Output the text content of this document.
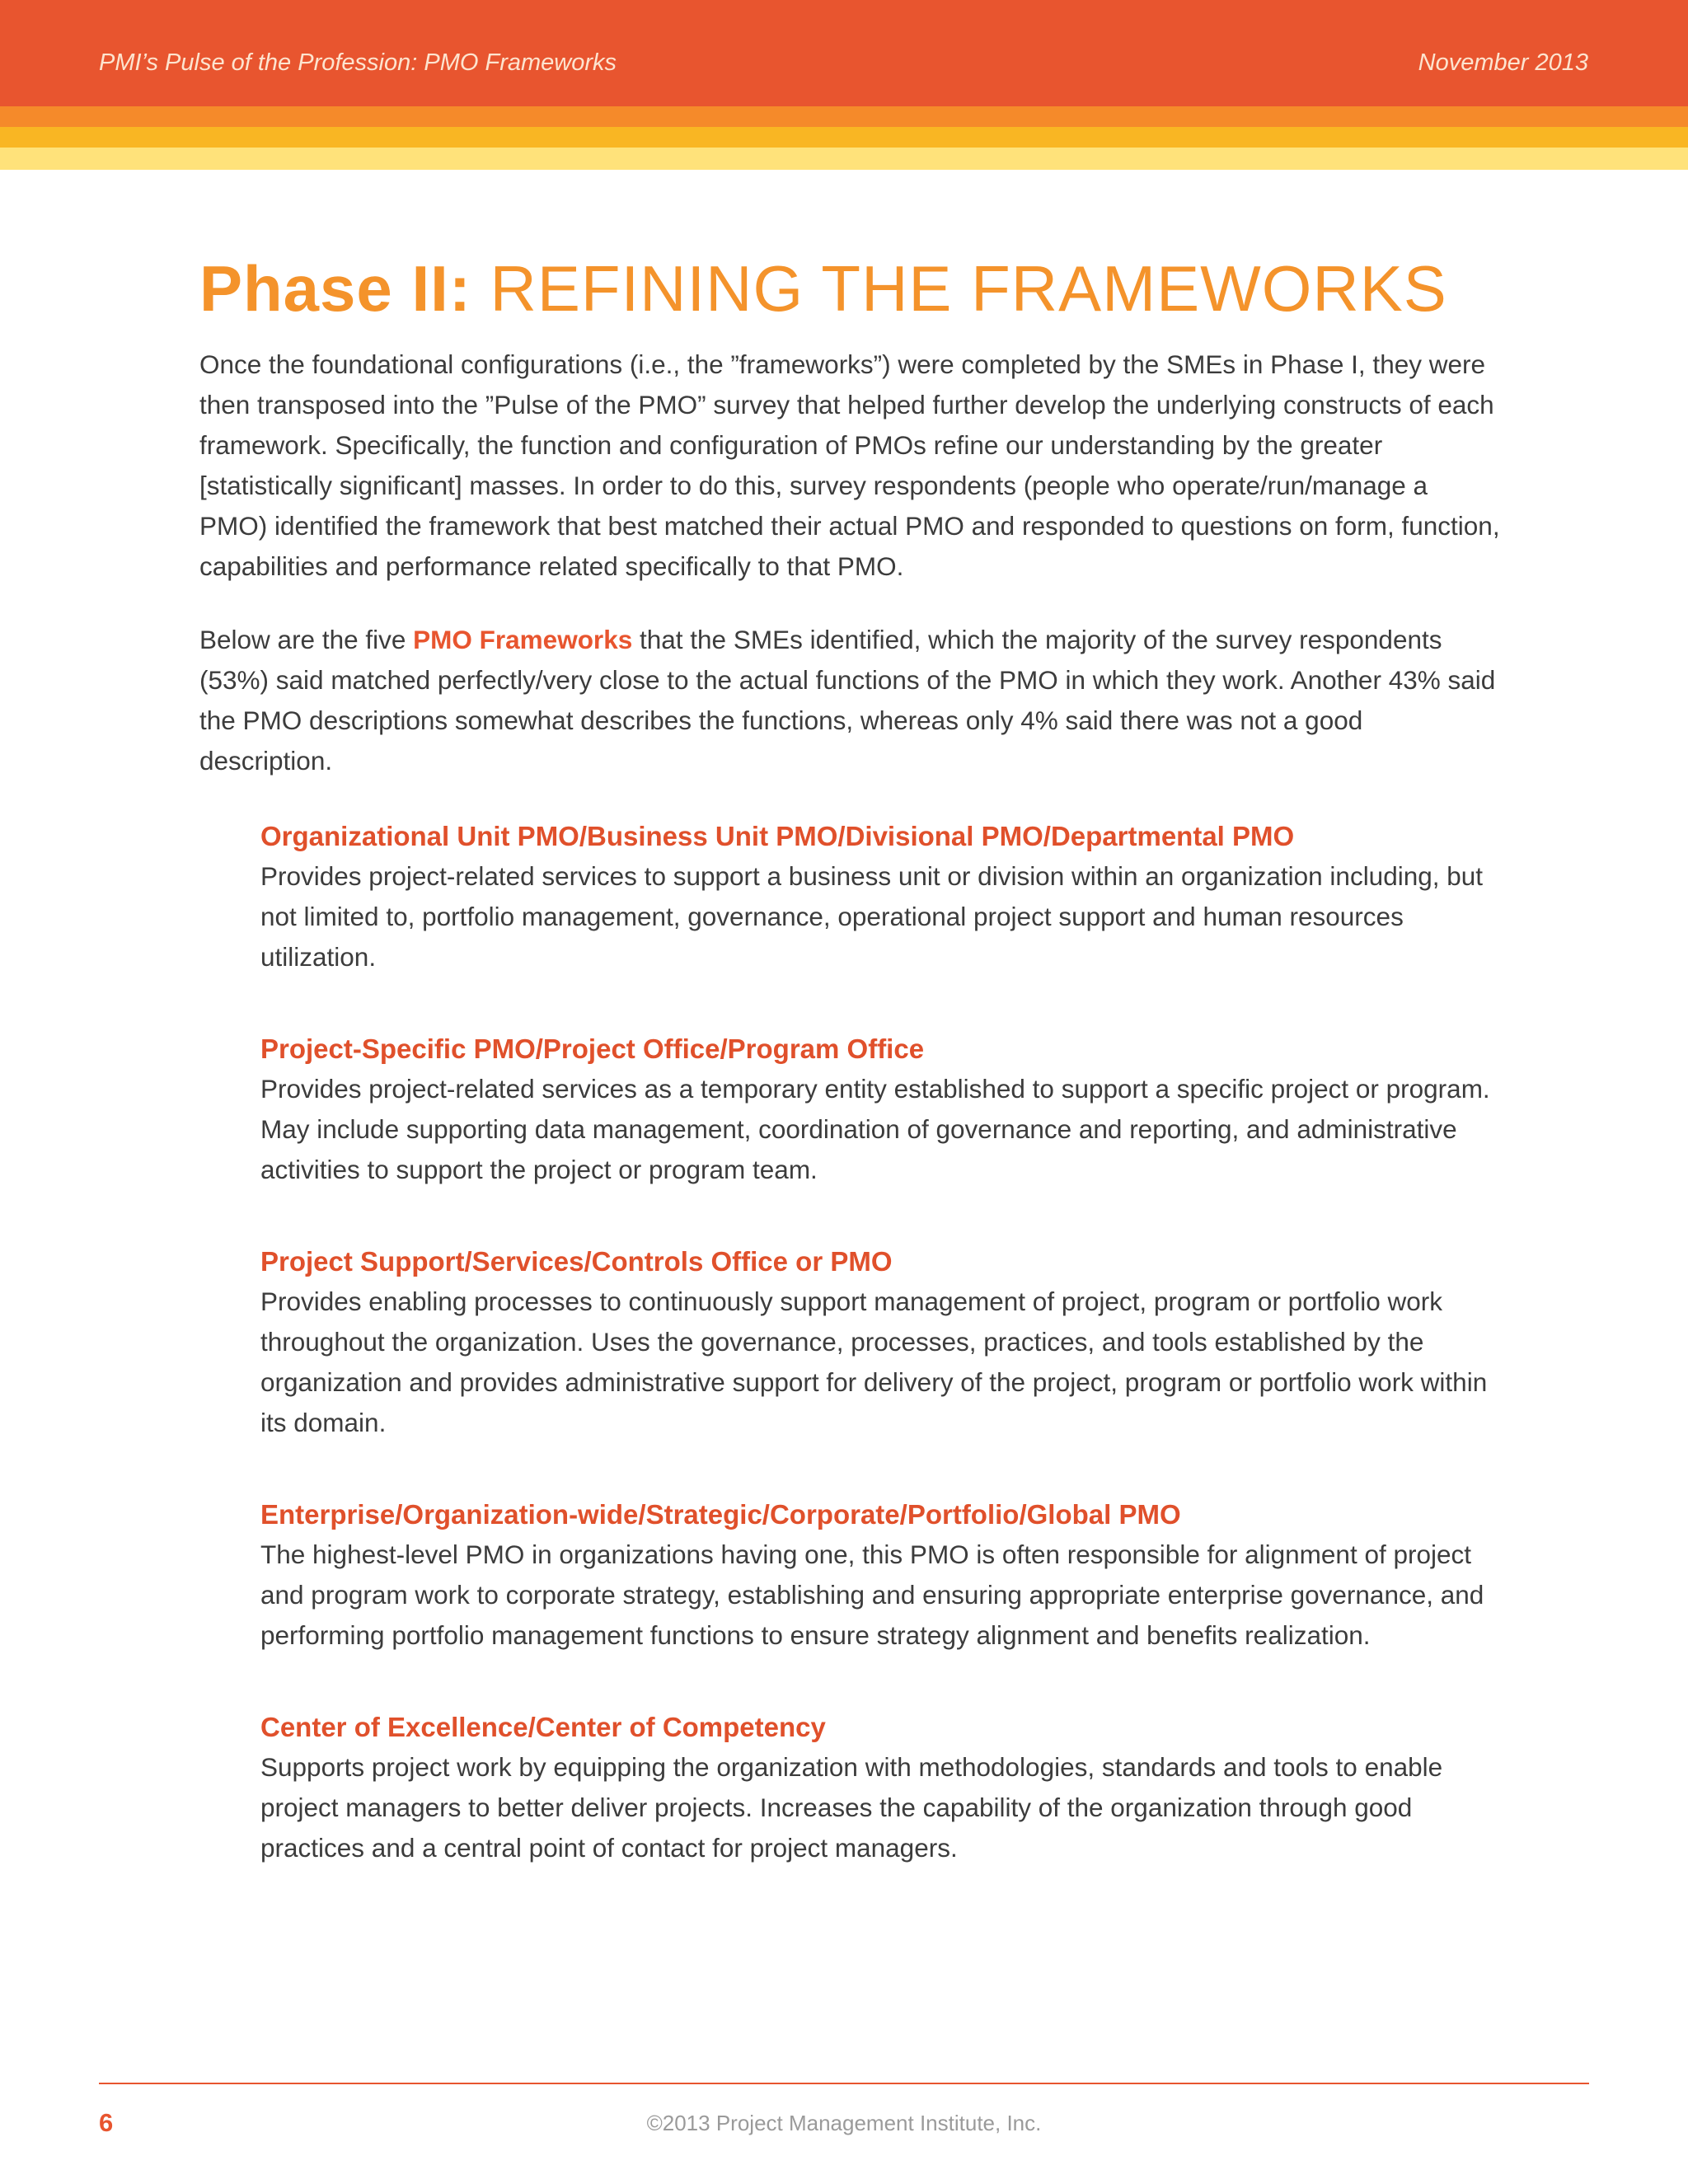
PMI’s Pulse of the Profession: PMO Frameworks	November 2013
Phase II: REFINING THE FRAMEWORKS

Once the foundational configurations (i.e., the ”frameworks”) were completed by the SMEs in Phase I, they were then transposed into the ”Pulse of the PMO” survey that helped further develop the underlying constructs of each framework. Specifically, the function and configuration of PMOs refine our understanding by the greater [statistically significant] masses. In order to do this, survey respondents (people who operate/run/manage a PMO) identified the framework that best matched their actual PMO and responded to questions on form, function, capabilities and performance related specifically to that PMO.

Below are the five PMO Frameworks that the SMEs identified, which the majority of the survey respondents (53%) said matched perfectly/very close to the actual functions of the PMO in which they work. Another 43% said the PMO descriptions somewhat describes the functions, whereas only 4% said there was not a good description.

Organizational Unit PMO/Business Unit PMO/Divisional PMO/Departmental PMO

Provides project-related services to support a business unit or division within an organization including, but not limited to, portfolio management, governance, operational project support and human resources utilization.

Project-Specific PMO/Project Office/Program Office

Provides project-related services as a temporary entity established to support a specific project or program. May include supporting data management, coordination of governance and reporting, and administrative activities to support the project or program team.

Project Support/Services/Controls Office or PMO

Provides enabling processes to continuously support management of project, program or portfolio work throughout the organization. Uses the governance, processes, practices, and tools established by the organization and provides administrative support for delivery of the project, program or portfolio work within its domain.

Enterprise/Organization-wide/Strategic/Corporate/Portfolio/Global PMO

The highest-level PMO in organizations having one, this PMO is often responsible for alignment of project and program work to corporate strategy, establishing and ensuring appropriate enterprise governance, and performing portfolio management functions to ensure strategy alignment and benefits realization.

Center of Excellence/Center of Competency

Supports project work by equipping the organization with methodologies, standards and tools to enable project managers to better deliver projects. Increases the capability of the organization through good practices and a central point of contact for project managers.

6	©2013 Project Management Institute, Inc.
